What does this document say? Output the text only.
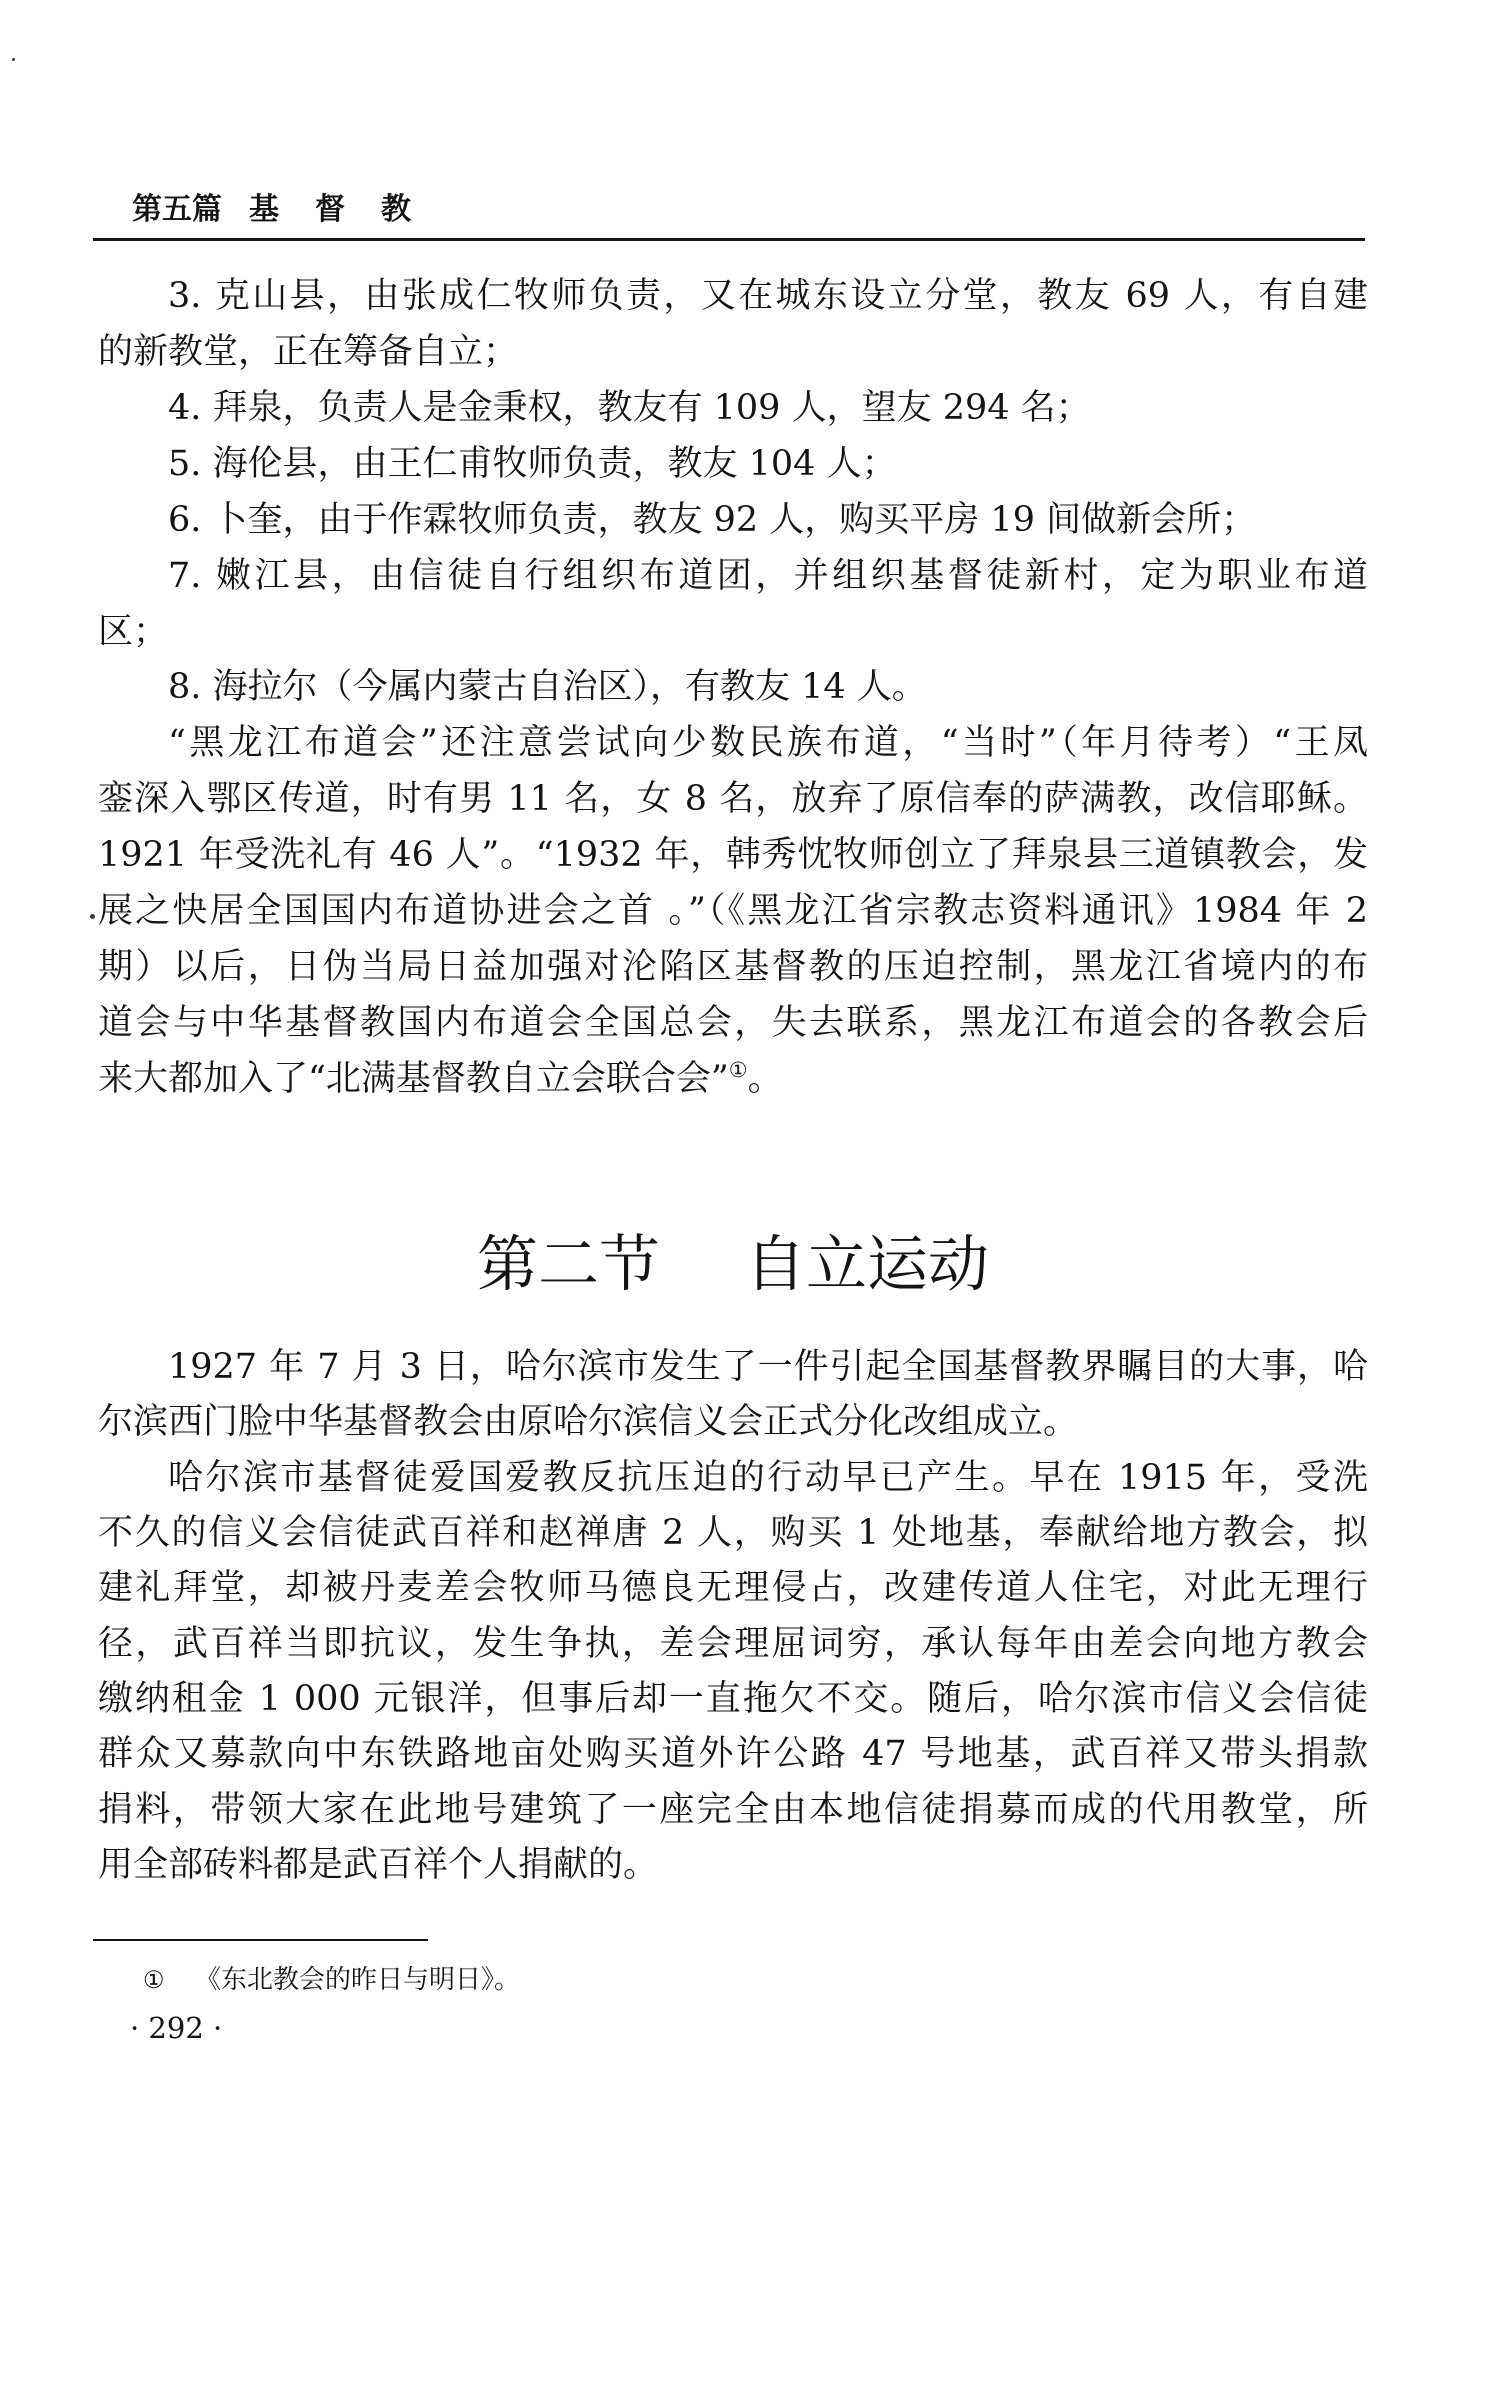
第五篇 基督教
3. 克山县，由张成仁牧师负责，又在城东设立分堂，教友 69 人，有自建
的新教堂，正在筹备自立；
4. 拜泉，负责人是金秉权，教友有 109 人，望友 294 名；
5. 海伦县，由王仁甫牧师负责，教友 104 人；
6. 卜奎，由于作霖牧师负责，教友 92 人，购买平房 19 间做新会所；
7. 嫩江县，由信徒自行组织布道团，并组织基督徒新村，定为职业布道
区；
8. 海拉尔（今属内蒙古自治区），有教友 14 人。
“黑龙江布道会”还注意尝试向少数民族布道，“当时”（年月待考）“王凤
銮深入鄂区传道，时有男 11 名，女 8 名，放弃了原信奉的萨满教，改信耶稣。
1921 年受洗礼有 46 人”。“1932 年，韩秀忱牧师创立了拜泉县三道镇教会，发
展之快居全国国内布道协进会之首 。”（《黑龙江省宗教志资料通讯》1984 年 2
期）以后，日伪当局日益加强对沦陷区基督教的压迫控制，黑龙江省境内的布
道会与中华基督教国内布道会全国总会，失去联系，黑龙江布道会的各教会后
来大都加入了“北满基督教自立会联合会”①。
第二节 自立运动
1927 年 7 月 3 日，哈尔滨市发生了一件引起全国基督教界瞩目的大事，哈
尔滨西门脸中华基督教会由原哈尔滨信义会正式分化改组成立。
哈尔滨市基督徒爱国爱教反抗压迫的行动早已产生。早在 1915 年，受洗
不久的信义会信徒武百祥和赵禅唐 2 人，购买 1 处地基，奉献给地方教会，拟
建礼拜堂，却被丹麦差会牧师马德良无理侵占，改建传道人住宅，对此无理行
径，武百祥当即抗议，发生争执，差会理屈词穷，承认每年由差会向地方教会
缴纳租金 1 000 元银洋，但事后却一直拖欠不交。随后，哈尔滨市信义会信徒
群众又募款向中东铁路地亩处购买道外许公路 47 号地基，武百祥又带头捐款
捐料，带领大家在此地号建筑了一座完全由本地信徒捐募而成的代用教堂，所
用全部砖料都是武百祥个人捐献的。
① 《东北教会的昨日与明日》。
· 292 ·
